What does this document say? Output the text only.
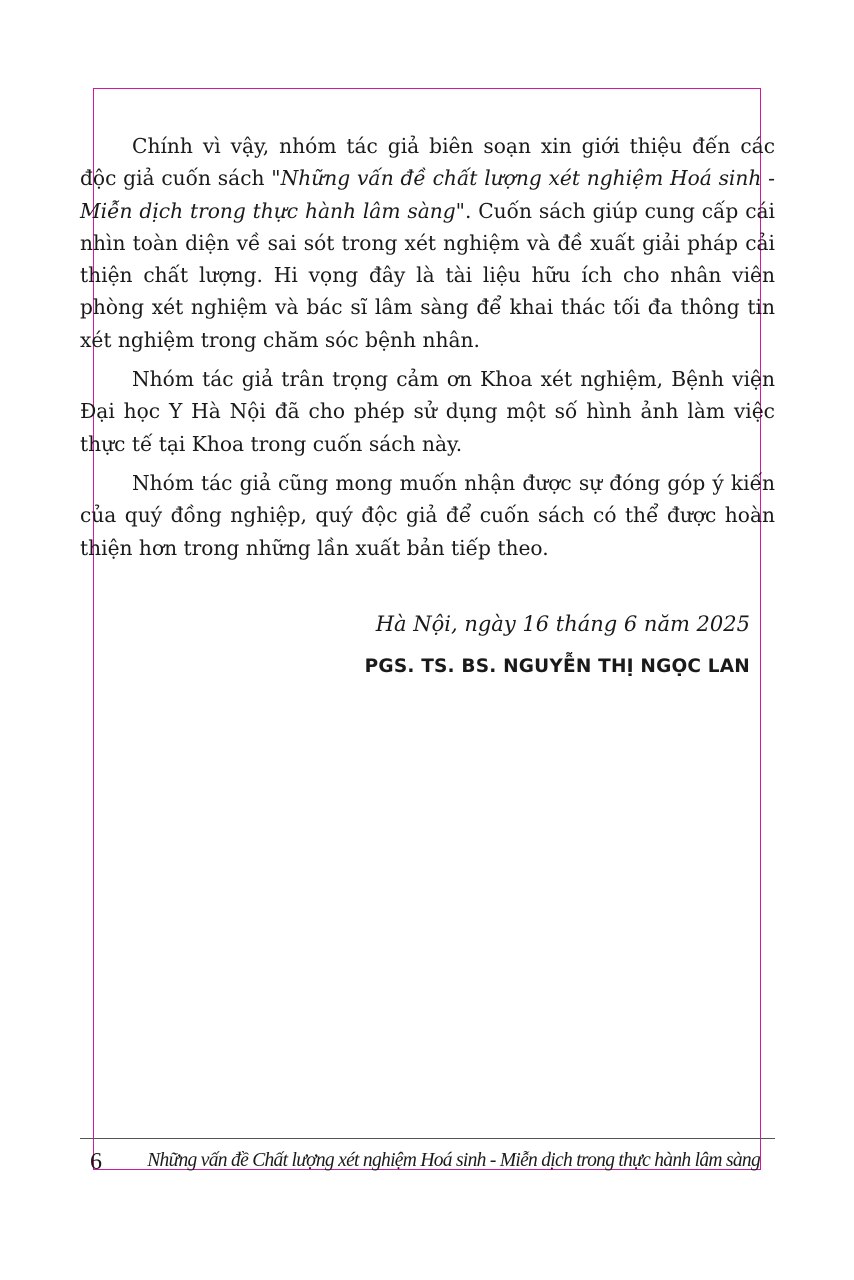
Chính vì vậy, nhóm tác giả biên soạn xin giới thiệu đến các độc giả cuốn sách "Những vấn đề chất lượng xét nghiệm Hoá sinh - Miễn dịch trong thực hành lâm sàng". Cuốn sách giúp cung cấp cái nhìn toàn diện về sai sót trong xét nghiệm và đề xuất giải pháp cải thiện chất lượng. Hi vọng đây là tài liệu hữu ích cho nhân viên phòng xét nghiệm và bác sĩ lâm sàng để khai thác tối đa thông tin xét nghiệm trong chăm sóc bệnh nhân.

Nhóm tác giả trân trọng cảm ơn Khoa xét nghiệm, Bệnh viện Đại học Y Hà Nội đã cho phép sử dụng một số hình ảnh làm việc thực tế tại Khoa trong cuốn sách này.

Nhóm tác giả cũng mong muốn nhận được sự đóng góp ý kiến của quý đồng nghiệp, quý độc giả để cuốn sách có thể được hoàn thiện hơn trong những lần xuất bản tiếp theo.

Hà Nội, ngày 16 tháng 6 năm 2025
PGS. TS. BS. NGUYỄN THỊ NGỌC LAN
6 Những vấn đề Chất lượng xét nghiệm Hoá sinh - Miễn dịch trong thực hành lâm sàng
